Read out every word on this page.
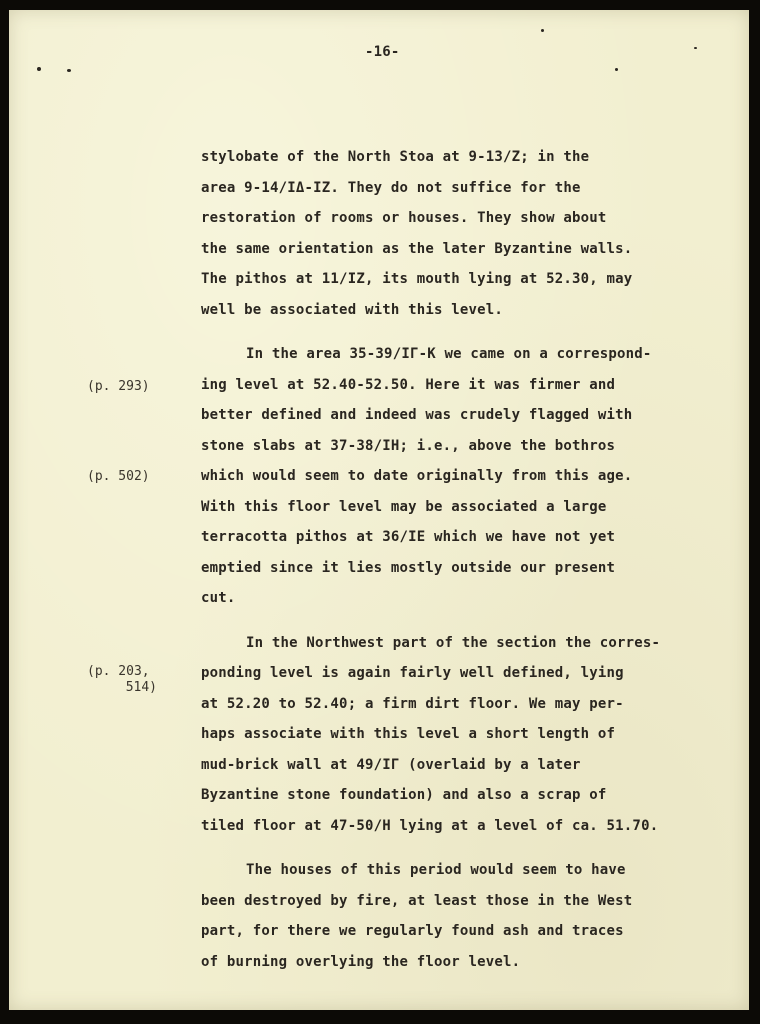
-16-

(p. 293)

(p. 502)

(p. 203,
514)

stylobate of the North Stoa at 9-13/Z; in the
area 9-14/IΔ-IZ. They do not suffice for the
restoration of rooms or houses. They show about
the same orientation as the later Byzantine walls.
The pithos at 11/IZ, its mouth lying at 52.30, may
well be associated with this level.

In the area 35-39/IΓ-K we came on a correspond-
ing level at 52.40-52.50. Here it was firmer and
better defined and indeed was crudely flagged with
stone slabs at 37-38/IH; i.e., above the bothros
which would seem to date originally from this age.
With this floor level may be associated a large
terracotta pithos at 36/IE which we have not yet
emptied since it lies mostly outside our present
cut.

In the Northwest part of the section the corres-
ponding level is again fairly well defined, lying
at 52.20 to 52.40; a firm dirt floor. We may per-
haps associate with this level a short length of
mud-brick wall at 49/IΓ (overlaid by a later
Byzantine stone foundation) and also a scrap of
tiled floor at 47-50/H lying at a level of ca. 51.70.

The houses of this period would seem to have
been destroyed by fire, at least those in the West
part, for there we regularly found ash and traces
of burning overlying the floor level.
